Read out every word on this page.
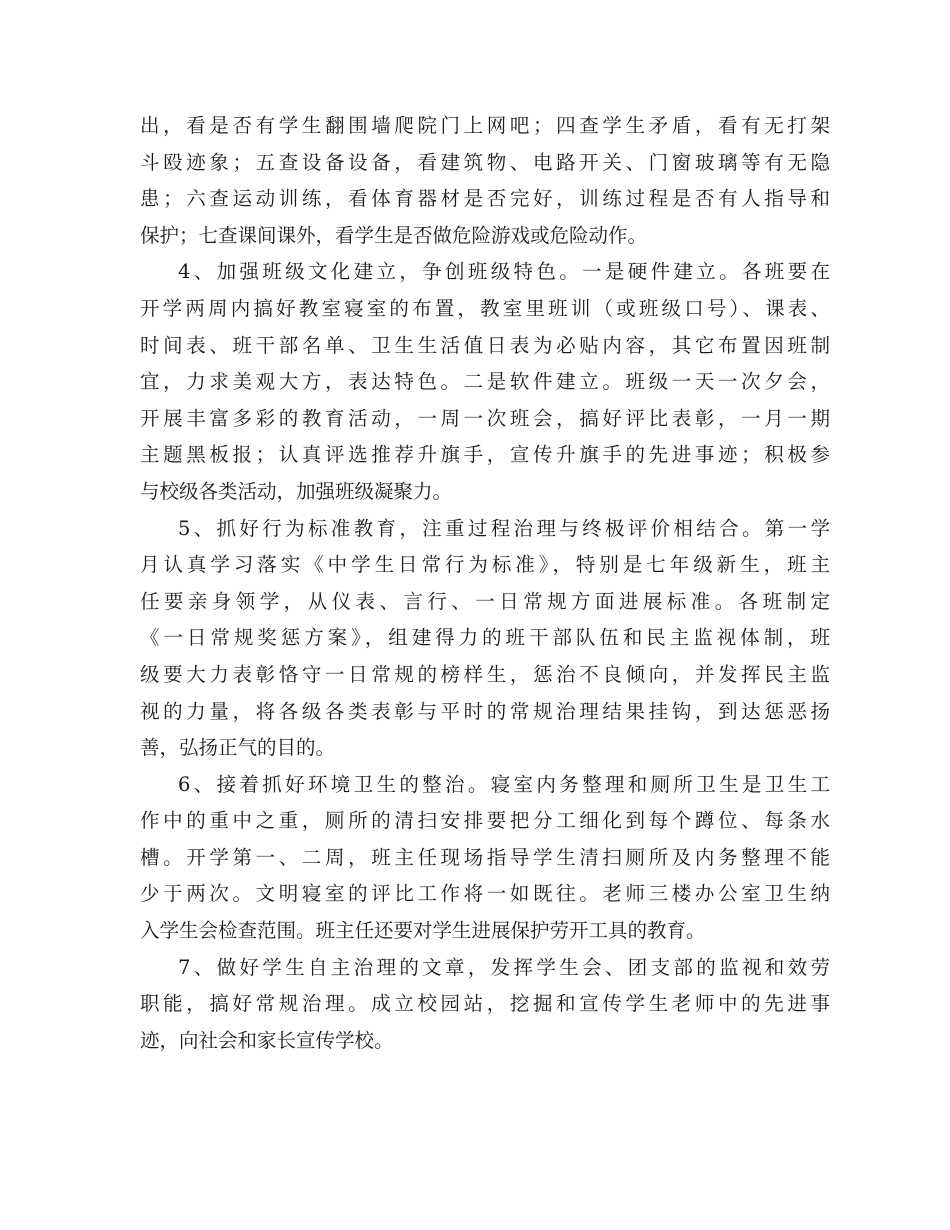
出，看是否有学生翻围墙爬院门上网吧；四查学生矛盾，看有无打架
斗殴迹象；五查设备设备，看建筑物、电路开关、门窗玻璃等有无隐
患；六查运动训练，看体育器材是否完好，训练过程是否有人指导和
保护；七查课间课外，看学生是否做危险游戏或危险动作。
4、加强班级文化建立，争创班级特色。一是硬件建立。各班要在
开学两周内搞好教室寝室的布置，教室里班训（或班级口号）、课表、
时间表、班干部名单、卫生生活值日表为必贴内容，其它布置因班制
宜，力求美观大方，表达特色。二是软件建立。班级一天一次夕会，
开展丰富多彩的教育活动，一周一次班会，搞好评比表彰，一月一期
主题黑板报；认真评选推荐升旗手，宣传升旗手的先进事迹；积极参
与校级各类活动，加强班级凝聚力。
5、抓好行为标准教育，注重过程治理与终极评价相结合。第一学
月认真学习落实《中学生日常行为标准》，特别是七年级新生，班主
任要亲身领学，从仪表、言行、一日常规方面进展标准。各班制定
《一日常规奖惩方案》，组建得力的班干部队伍和民主监视体制，班
级要大力表彰恪守一日常规的榜样生，惩治不良倾向，并发挥民主监
视的力量，将各级各类表彰与平时的常规治理结果挂钩，到达惩恶扬
善，弘扬正气的目的。
6、接着抓好环境卫生的整治。寝室内务整理和厕所卫生是卫生工
作中的重中之重，厕所的清扫安排要把分工细化到每个蹲位、每条水
槽。开学第一、二周，班主任现场指导学生清扫厕所及内务整理不能
少于两次。文明寝室的评比工作将一如既往。老师三楼办公室卫生纳
入学生会检查范围。班主任还要对学生进展保护劳开工具的教育。
7、做好学生自主治理的文章，发挥学生会、团支部的监视和效劳
职能，搞好常规治理。成立校园站，挖掘和宣传学生老师中的先进事
迹，向社会和家长宣传学校。
